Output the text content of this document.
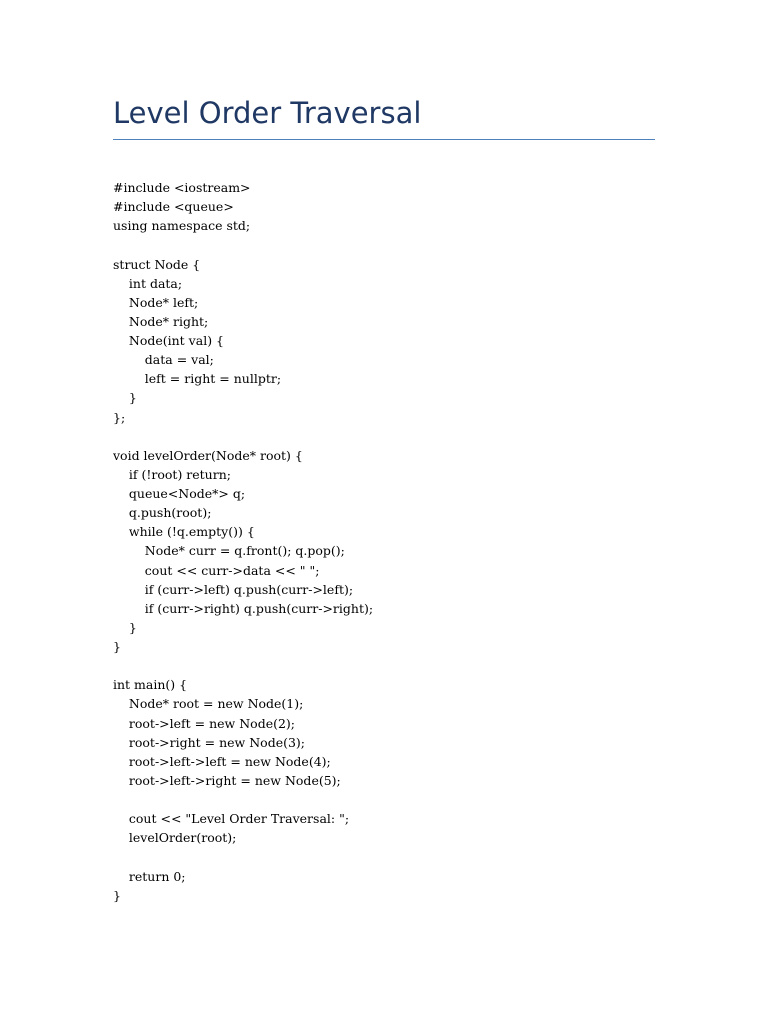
Level Order Traversal
#include <iostream>
#include <queue>
using namespace std;
struct Node {
int data;
Node* left;
Node* right;
Node(int val) {
data = val;
left = right = nullptr;
}
};
void levelOrder(Node* root) {
if (!root) return;
queue<Node*> q;
q.push(root);
while (!q.empty()) {
Node* curr = q.front(); q.pop();
cout << curr->data << " ";
if (curr->left) q.push(curr->left);
if (curr->right) q.push(curr->right);
}
}
int main() {
Node* root = new Node(1);
root->left = new Node(2);
root->right = new Node(3);
root->left->left = new Node(4);
root->left->right = new Node(5);
cout << "Level Order Traversal: ";
levelOrder(root);
return 0;
}
